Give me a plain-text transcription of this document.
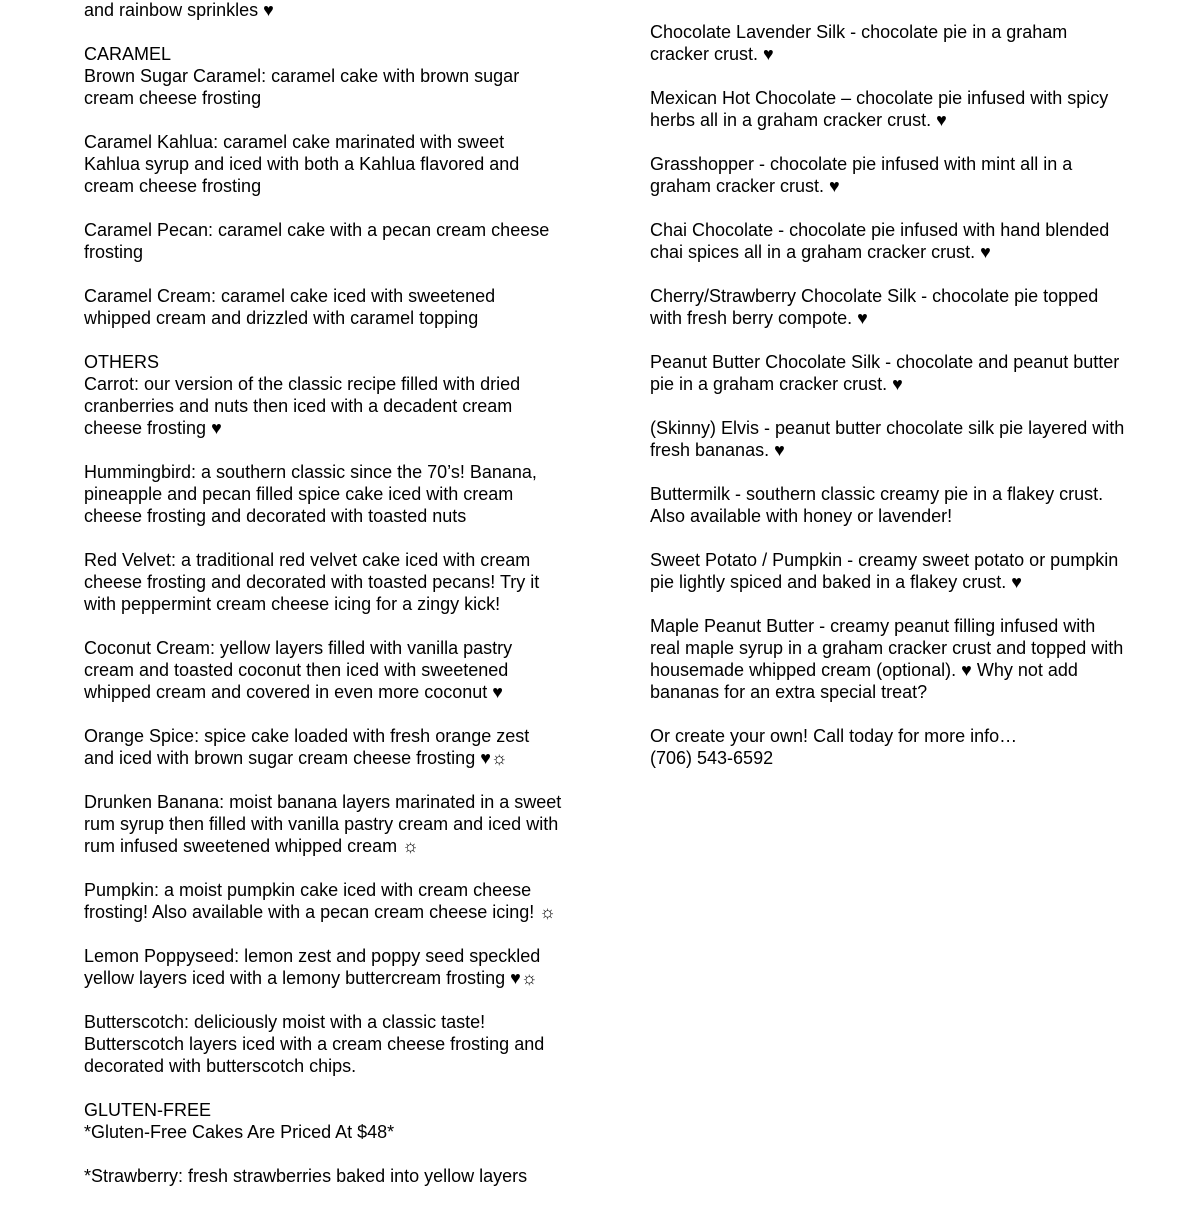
and rainbow sprinkles ♥

CARAMEL
Brown Sugar Caramel: caramel cake with brown sugar
cream cheese frosting

Caramel Kahlua: caramel cake marinated with sweet
Kahlua syrup and iced with both a Kahlua flavored and
cream cheese frosting

Caramel Pecan: caramel cake with a pecan cream cheese
frosting

Caramel Cream: caramel cake iced with sweetened
whipped cream and drizzled with caramel topping

OTHERS
Carrot: our version of the classic recipe filled with dried
cranberries and nuts then iced with a decadent cream
cheese frosting ♥

Hummingbird: a southern classic since the 70’s! Banana,
pineapple and pecan filled spice cake iced with cream
cheese frosting and decorated with toasted nuts

Red Velvet: a traditional red velvet cake iced with cream
cheese frosting and decorated with toasted pecans! Try it
with peppermint cream cheese icing for a zingy kick!

Coconut Cream: yellow layers filled with vanilla pastry
cream and toasted coconut then iced with sweetened
whipped cream and covered in even more coconut ♥

Orange Spice: spice cake loaded with fresh orange zest
and iced with brown sugar cream cheese frosting ♥☼

Drunken Banana: moist banana layers marinated in a sweet
rum syrup then filled with vanilla pastry cream and iced with
rum infused sweetened whipped cream ☼

Pumpkin: a moist pumpkin cake iced with cream cheese
frosting! Also available with a pecan cream cheese icing! ☼

Lemon Poppyseed: lemon zest and poppy seed speckled
yellow layers iced with a lemony buttercream frosting ♥☼

Butterscotch: deliciously moist with a classic taste!
Butterscotch layers iced with a cream cheese frosting and
decorated with butterscotch chips.

GLUTEN-FREE
*Gluten-Free Cakes Are Priced At $48*

*Strawberry: fresh strawberries baked into yellow layers

Chocolate Lavender Silk - chocolate pie in a graham
cracker crust. ♥

Mexican Hot Chocolate – chocolate pie infused with spicy
herbs all in a graham cracker crust. ♥

Grasshopper - chocolate pie infused with mint all in a
graham cracker crust. ♥

Chai Chocolate - chocolate pie infused with hand blended
chai spices all in a graham cracker crust. ♥

Cherry/Strawberry Chocolate Silk - chocolate pie topped
with fresh berry compote. ♥

Peanut Butter Chocolate Silk - chocolate and peanut butter
pie in a graham cracker crust. ♥

(Skinny) Elvis - peanut butter chocolate silk pie layered with
fresh bananas. ♥

Buttermilk - southern classic creamy pie in a flakey crust.
Also available with honey or lavender!

Sweet Potato / Pumpkin - creamy sweet potato or pumpkin
pie lightly spiced and baked in a flakey crust. ♥

Maple Peanut Butter - creamy peanut filling infused with
real maple syrup in a graham cracker crust and topped with
housemade whipped cream (optional). ♥ Why not add
bananas for an extra special treat?

Or create your own! Call today for more info…
(706) 543-6592
